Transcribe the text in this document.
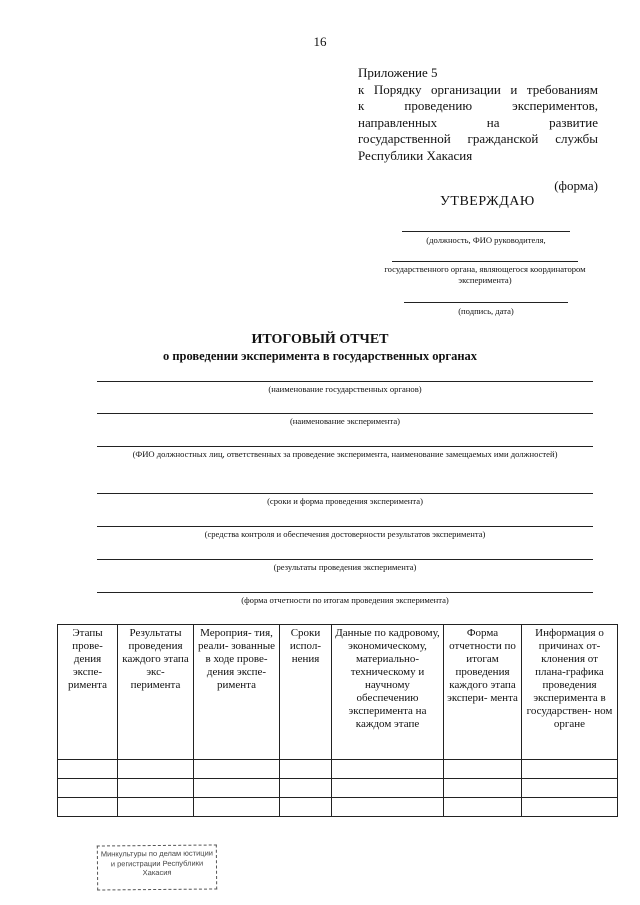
16
Приложение 5
к Порядку организации и требованиям
к проведению экспериментов,
направленных на развитие
государственной гражданской службы
Республики Хакасия
(форма)
УТВЕРЖДАЮ
(должность, ФИО руководителя,
государственного органа, являющегося координатором эксперимента)
(подпись, дата)
ИТОГОВЫЙ ОТЧЕТ
о проведении эксперимента в государственных органах
(наименование государственных органов)
(наименование эксперимента)
(ФИО должностных лиц, ответственных за проведение эксперимента, наименование замещаемых ими должностей)
(сроки и форма проведения эксперимента)
(средства контроля и обеспечения достоверности результатов эксперимента)
(результаты проведения эксперимента)
(форма отчетности по итогам проведения эксперимента)
Этапы прове- дения экспе- римента	Результаты проведения каждого этапа экс- перимента	Мероприя- тия, реали- зованные в ходе прове- дения экспе- римента	Сроки испол- нения	Данные по кадровому, экономическому, материально- техническому и научному обеспечению эксперимента на каждом этапе	Форма отчетности по итогам проведения каждого этапа экспери- мента	Информация о причинах от- клонения от плана-графика проведения эксперимента в государствен- ном органе

Минкультуры по делам юстиции и регистрации Республики Хакасия
